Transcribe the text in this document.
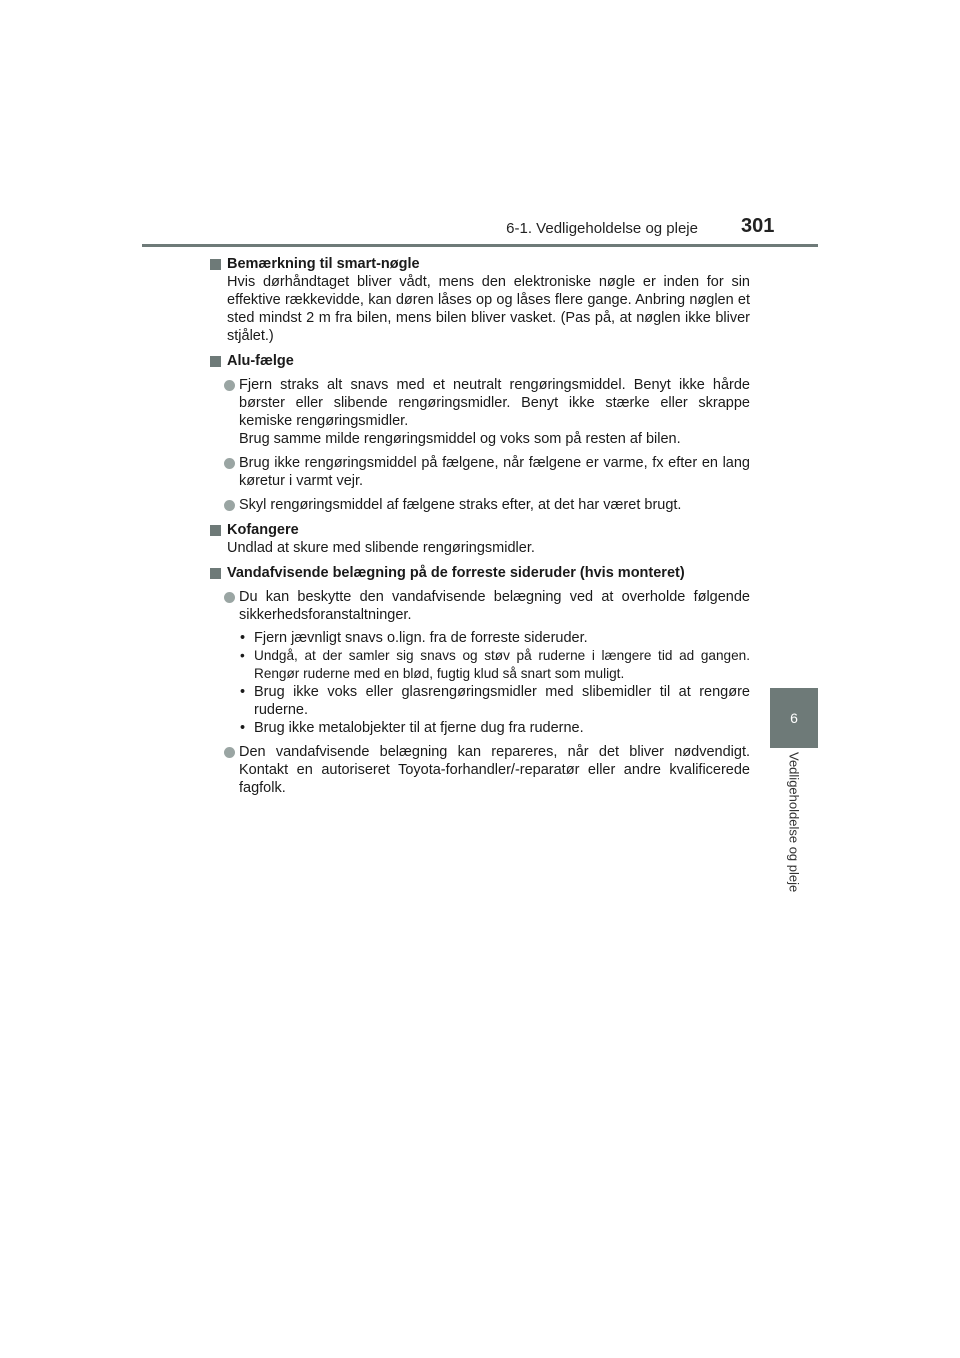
6-1. Vedligeholdelse og pleje 301
6
Vedligeholdelse og pleje
Bemærkning til smart-nøgle
Hvis dørhåndtaget bliver vådt, mens den elektroniske nøgle er inden for sin effektive rækkevidde, kan døren låses op og låses flere gange. Anbring nøglen et sted mindst 2 m fra bilen, mens bilen bliver vasket. (Pas på, at nøglen ikke bliver stjålet.)
Alu-fælge
Fjern straks alt snavs med et neutralt rengøringsmiddel. Benyt ikke hårde børster eller slibende rengøringsmidler. Benyt ikke stærke eller skrappe kemiske rengøringsmidler.
Brug samme milde rengøringsmiddel og voks som på resten af bilen.
Brug ikke rengøringsmiddel på fælgene, når fælgene er varme, fx efter en lang køretur i varmt vejr.
Skyl rengøringsmiddel af fælgene straks efter, at det har været brugt.
Kofangere
Undlad at skure med slibende rengøringsmidler.
Vandafvisende belægning på de forreste sideruder (hvis monteret)
Du kan beskytte den vandafvisende belægning ved at overholde følgende sikkerhedsforanstaltninger.
• Fjern jævnligt snavs o.lign. fra de forreste sideruder.
• Undgå, at der samler sig snavs og støv på ruderne i længere tid ad gangen. Rengør ruderne med en blød, fugtig klud så snart som muligt.
• Brug ikke voks eller glasrengøringsmidler med slibemidler til at rengøre ruderne.
• Brug ikke metalobjekter til at fjerne dug fra ruderne.
Den vandafvisende belægning kan repareres, når det bliver nødvendigt. Kontakt en autoriseret Toyota-forhandler/-reparatør eller andre kvalificerede fagfolk.
